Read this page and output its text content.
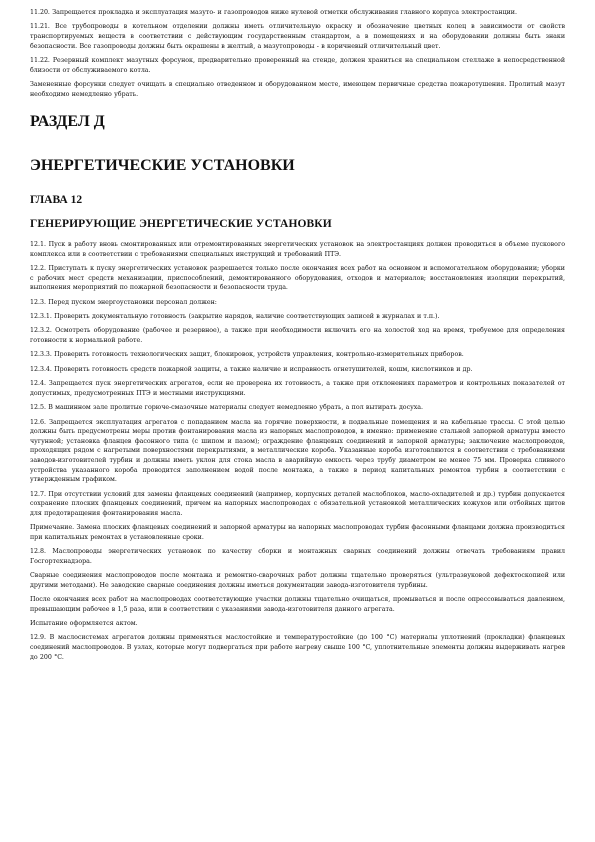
11.20. Запрещается прокладка и эксплуатация мазуто- и газопроводов ниже нулевой отметки обслуживания главного корпуса электростанции.

11.21. Все трубопроводы в котельном отделении должны иметь отличительную окраску и обозначение цветных колец в зависимости от свойств транспортируемых веществ в соответствии с действующим государственным стандартом, а в помещениях и на оборудовании должны быть знаки безопасности. Все газопроводы должны быть окрашены в желтый, а мазутопроводы - в коричневый отличительный цвет.

11.22. Резервный комплект мазутных форсунок, предварительно проверенный на стенде, должен храниться на специальном стеллаже в непосредственной близости от обслуживаемого котла.

Замененные форсунки следует очищать в специально отведенном и оборудованном месте, имеющем первичные средства пожаротушения. Пролитый мазут необходимо немедленно убрать.

РАЗДЕЛ Д
ЭНЕРГЕТИЧЕСКИЕ УСТАНОВКИ
ГЛАВА 12
ГЕНЕРИРУЮЩИЕ ЭНЕРГЕТИЧЕСКИЕ УСТАНОВКИ

12.1. Пуск в работу вновь смонтированных или отремонтированных энергетических установок на электростанциях должен проводиться в объеме пускового комплекса или в соответствии с требованиями специальных инструкций и требований ПТЭ.

12.2. Приступать к пуску энергетических установок разрешается только после окончания всех работ на основном и вспомогательном оборудовании; уборки с рабочих мест средств механизации, приспособлений, демонтированного оборудования, отходов и материалов; восстановления изоляции перекрытий, выполнения мероприятий по пожарной безопасности и безопасности труда.

12.3. Перед пуском энергоустановки персонал должен:

12.3.1. Проверить документальную готовность (закрытие нарядов, наличие соответствующих записей в журналах и т.п.).

12.3.2. Осмотреть оборудование (рабочее и резервное), а также при необходимости включить его на холостой ход на время, требуемое для определения готовности к нормальной работе.

12.3.3. Проверить готовность технологических защит, блокировок, устройств управления, контрольно-измерительных приборов.

12.3.4. Проверить готовность средств пожарной защиты, а также наличие и исправность огнетушителей, кошм, кислотников и др.

12.4. Запрещается пуск энергетических агрегатов, если не проверена их готовность, а также при отклонениях параметров и контрольных показателей от допустимых, предусмотренных ПТЭ и местными инструкциями.

12.5. В машинном зале пролитые горюче-смазочные материалы следует немедленно убрать, а пол вытирать досуха.

12.6. Запрещается эксплуатация агрегатов с попаданием масла на горячие поверхности, в подвальные помещения и на кабельные трассы. С этой целью должны быть предусмотрены меры против фонтанирования масла из напорных маслопроводов, в именно: применение стальной запорной арматуры вместо чугунной; установка фланцев фасонного типа (с шипом и пазом); ограждение фланцевых соединений и запорной арматуры; заключение маслопроводов, проходящих рядом с нагретыми поверхностями перекрытиями, в металлические короба. Указанные короба изготовляются в соответствии с требованиями заводов-изготовителей турбин и должны иметь уклон для стока масла в аварийную емкость через трубу диаметром не менее 75 мм. Проверка сливного устройства указанного короба проводится заполнением водой после монтажа, а также в период капитальных ремонтов турбин в соответствии с утвержденным графиком.

12.7. При отсутствии условий для замены фланцевых соединений (например, корпусных деталей маслоблоков, масло-охладителей и др.) турбин допускается сохранение плоских фланцевых соединений, причем на напорных маслопроводах с обязательной установкой металлических кожухов или отбойных щитов для предотвращения фонтанирования масла.

Примечание. Замена плоских фланцевых соединений и запорной арматуры на напорных маслопроводах турбин фасонными фланцами должна производиться при капитальных ремонтах в установленные сроки.

12.8. Маслопроводы энергетических установок по качеству сборки и монтажных сварных соединений должны отвечать требованиям правил Госгортехнадзора.

Сварные соединения маслопроводов после монтажа и ремонтно-сварочных работ должны тщательно проверяться (ультразвуковой дефектоскопией или другими методами). Не заводские сварные соединения должны иметься документации завода-изготовителя турбины.

После окончания всех работ на маслопроводах соответствующие участки должны тщательно очищаться, промываться и после опрессовываться давлением, превышающим рабочее в 1,5 раза, или в соответствии с указаниями завода-изготовителя данного агрегата.

Испытание оформляется актом.

12.9. В маслосистемах агрегатов должны применяться маслостойкие и температуростойкие (до 100 °C) материалы уплотнений (прокладки) фланцевых соединений маслопроводов. В узлах, которые могут подвергаться при работе нагреву свыше 100 °C, уплотнительные элементы должны выдерживать нагрев до 200 °C.
